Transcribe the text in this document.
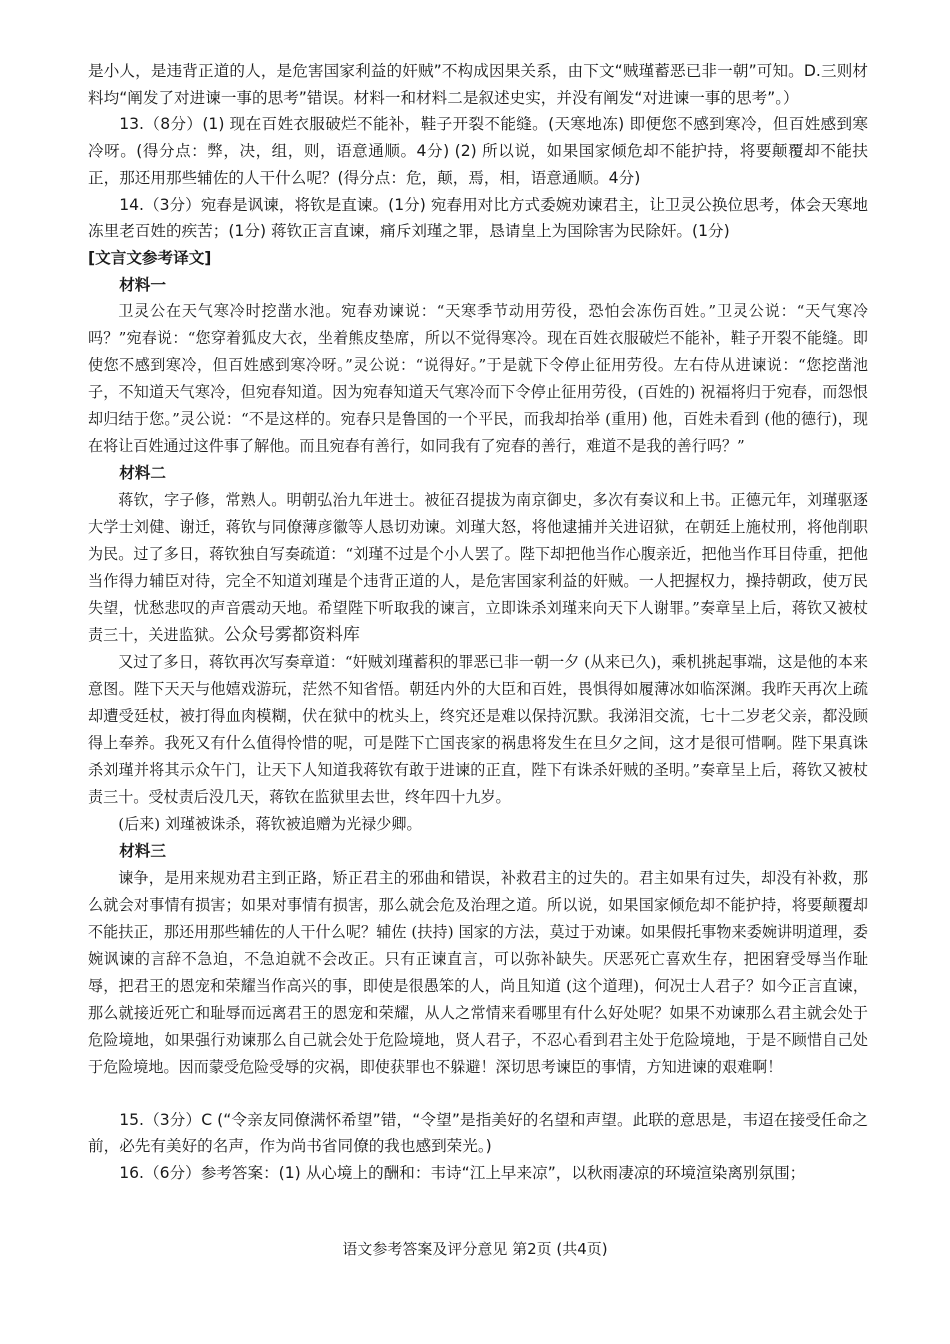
是小人，是违背正道的人，是危害国家利益的奸贼”不构成因果关系，由下文“贼瑾蓄恶已非一朝”可知。D.三则材料均“阐发了对进谏一事的思考”错误。材料一和材料二是叙述史实，并没有阐发“对进谏一事的思考”。）

13.（8分）(1) 现在百姓衣服破烂不能补，鞋子开裂不能缝。(天寒地冻) 即便您不感到寒冷，但百姓感到寒冷呀。(得分点：弊，决，组，则，语意通顺。4分) (2) 所以说，如果国家倾危却不能护持，将要颠覆却不能扶正，那还用那些辅佐的人干什么呢？(得分点：危，颠，焉，相，语意通顺。4分)

14.（3分）宛春是讽谏，将钦是直谏。(1分) 宛春用对比方式委婉劝谏君主，让卫灵公换位思考，体会天寒地冻里老百姓的疾苦；(1分) 蒋钦正言直谏，痛斥刘瑾之罪，恳请皇上为国除害为民除奸。(1分)

[文言文参考译文]

材料一

卫灵公在天气寒冷时挖凿水池。宛春劝谏说：“天寒季节动用劳役，恐怕会冻伤百姓。”卫灵公说：“天气寒冷吗？”宛春说：“您穿着狐皮大衣，坐着熊皮垫席，所以不觉得寒冷。现在百姓衣服破烂不能补，鞋子开裂不能缝。即使您不感到寒冷，但百姓感到寒冷呀。”灵公说：“说得好。”于是就下令停止征用劳役。左右侍从进谏说：“您挖凿池子，不知道天气寒冷，但宛春知道。因为宛春知道天气寒冷而下令停止征用劳役，(百姓的) 祝福将归于宛春，而怨恨却归结于您。”灵公说：“不是这样的。宛春只是鲁国的一个平民，而我却抬举 (重用) 他，百姓未看到 (他的德行)，现在将让百姓通过这件事了解他。而且宛春有善行，如同我有了宛春的善行，难道不是我的善行吗？”

材料二

蒋钦，字子修，常熟人。明朝弘治九年进士。被征召提拔为南京御史，多次有奏议和上书。正德元年，刘瑾驱逐大学士刘健、谢迁，蒋钦与同僚薄彦徽等人恳切劝谏。刘瑾大怒，将他逮捕并关进诏狱，在朝廷上施杖刑，将他削职为民。过了多日，蒋钦独自写奏疏道：“刘瑾不过是个小人罢了。陛下却把他当作心腹亲近，把他当作耳目侍重，把他当作得力辅臣对待，完全不知道刘瑾是个违背正道的人，是危害国家利益的奸贼。一人把握权力，操持朝政，使万民失望，忧愁悲叹的声音震动天地。希望陛下听取我的谏言，立即诛杀刘瑾来向天下人谢罪。”奏章呈上后，蒋钦又被杖责三十，关进监狱。公众号雾都资料库

又过了多日，蒋钦再次写奏章道：“奸贼刘瑾蓄积的罪恶已非一朝一夕 (从来已久)，乘机挑起事端，这是他的本来意图。陛下天天与他嬉戏游玩，茫然不知省悟。朝廷内外的大臣和百姓，畏惧得如履薄冰如临深渊。我昨天再次上疏却遭受廷杖，被打得血肉模糊，伏在狱中的枕头上，终究还是难以保持沉默。我涕泪交流，七十二岁老父亲，都没顾得上奉养。我死又有什么值得怜惜的呢，可是陛下亡国丧家的祸患将发生在旦夕之间，这才是很可惜啊。陛下果真诛杀刘瑾并将其示众午门，让天下人知道我蒋钦有敢于进谏的正直，陛下有诛杀奸贼的圣明。”奏章呈上后，蒋钦又被杖责三十。受杖责后没几天，蒋钦在监狱里去世，终年四十九岁。

(后来) 刘瑾被诛杀，蒋钦被追赠为光禄少卿。

材料三

谏争，是用来规劝君主到正路，矫正君主的邪曲和错误，补救君主的过失的。君主如果有过失，却没有补救，那么就会对事情有损害；如果对事情有损害，那么就会危及治理之道。所以说，如果国家倾危却不能护持，将要颠覆却不能扶正，那还用那些辅佐的人干什么呢？辅佐 (扶持) 国家的方法，莫过于劝谏。如果假托事物来委婉讲明道理，委婉讽谏的言辞不急迫，不急迫就不会改正。只有正谏直言，可以弥补缺失。厌恶死亡喜欢生存，把困窘受辱当作耻辱，把君王的恩宠和荣耀当作高兴的事，即使是很愚笨的人，尚且知道 (这个道理)，何况士人君子？如今正言直谏，那么就接近死亡和耻辱而远离君王的恩宠和荣耀，从人之常情来看哪里有什么好处呢？如果不劝谏那么君主就会处于危险境地，如果强行劝谏那么自己就会处于危险境地，贤人君子，不忍心看到君主处于危险境地，于是不顾惜自己处于危险境地。因而蒙受危险受辱的灾祸，即使获罪也不躲避！深切思考谏臣的事情，方知进谏的艰难啊！

15.（3分）C (“令亲友同僚满怀希望”错，“令望”是指美好的名望和声望。此联的意思是，韦迢在接受任命之前，必先有美好的名声，作为尚书省同僚的我也感到荣光。)

16.（6分）参考答案：(1) 从心境上的酬和：韦诗“江上早来凉”，以秋雨凄凉的环境渲染离别氛围；

语文参考答案及评分意见 第2页 (共4页)
